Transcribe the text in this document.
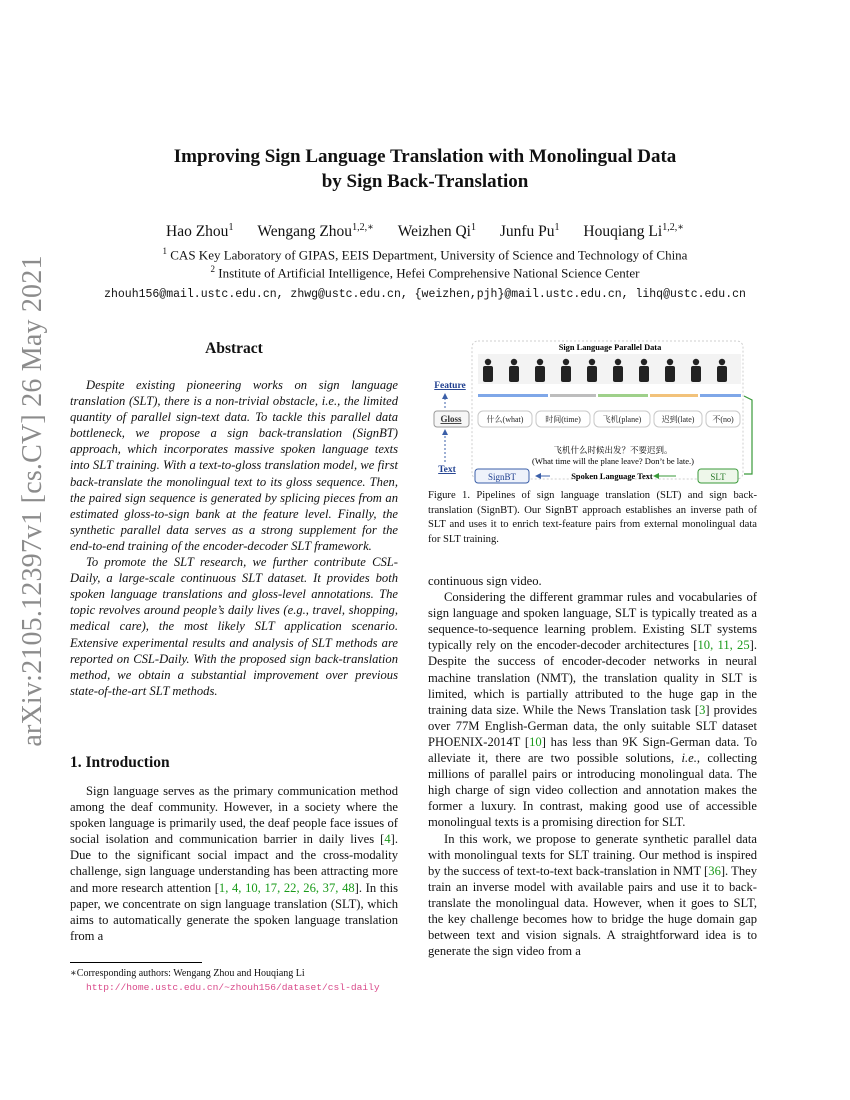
arXiv:2105.12397v1 [cs.CV] 26 May 2021
Improving Sign Language Translation with Monolingual Data
by Sign Back-Translation
Hao Zhou$^1$ Wengang Zhou$^{1,2,∗}$ Weizhen Qi$^1$ Junfu Pu$^1$ Houqiang $Li^{1,2,∗}$
$^1$ CAS Key Laboratory of GIPAS, EEIS Department, University of Science and Technology of China
$^2$ Institute of Artificial Intelligence, Hefei Comprehensive National Science Center
zhouh156@mail.ustc.edu.cn, zhwg@ustc.edu.cn, {weizhen,pjh}@mail.ustc.edu.cn, lihq@ustc.edu.cn
Abstract

Despite existing pioneering works on sign language translation (SLT), there is a non-trivial obstacle, i.e., the limited quantity of parallel sign-text data. To tackle this parallel data bottleneck, we propose a sign back-translation (SignBT) approach, which incorporates massive spoken language texts into SLT training. With a text-to-gloss translation model, we first back-translate the monolingual text to its gloss sequence. Then, the paired sign sequence is generated by splicing pieces from an estimated gloss-to-sign bank at the feature level. Finally, the synthetic parallel data serves as a strong supplement for the end-to-end training of the encoder-decoder SLT framework.

To promote the SLT research, we further contribute CSL-Daily, a large-scale continuous SLT dataset. It provides both spoken language translations and gloss-level annotations. The topic revolves around people’s daily lives (e.g., travel, shopping, medical care), the most likely SLT application scenario. Extensive experimental results and analysis of SLT methods are reported on CSL-Daily. With the proposed sign back-translation method, we obtain a substantial improvement over previous state-of-the-art SLT methods.

1. Introduction

Sign language serves as the primary communication method among the deaf community. However, in a society where the spoken language is primarily used, the deaf people face issues of social isolation and communication barrier in daily lives [4]. Due to the significant social impact and the cross-modality challenge, sign language understanding has been attracting more and more research attention [1, 4, 10, 17, 22, 26, 37, 48]. In this paper, we concentrate on sign language translation (SLT), which aims to automatically generate the spoken language translation from a

∗Corresponding authors: Wengang Zhou and Houqiang Li
http://home.ustc.edu.cn/~zhouh156/dataset/csl-daily
Sign Language Parallel Data
Feature
Gloss
Text
什么(what)	时间(time)	飞机(plane)	迟到(late) 不(no)
飞机什么时候出发？不要迟到。
(What time will the plane leave? Don’t be late.)
SignBT	Spoken Language Text	SLT
Figure 1. Pipelines of sign language translation (SLT) and sign back-translation (SignBT). Our SignBT approach establishes an inverse path of SLT and uses it to enrich text-feature pairs from external monolingual data for SLT training.
continuous sign video.

Considering the different grammar rules and vocabularies of sign language and spoken language, SLT is typically treated as a sequence-to-sequence learning problem. Existing SLT systems typically rely on the encoder-decoder architectures [10, 11, 25]. Despite the success of encoder-decoder networks in neural machine translation (NMT), the translation quality in SLT is limited, which is partially attributed to the huge gap in the training data size. While the News Translation task [3] provides over 77M English-German data, the only suitable SLT dataset PHOENIX-2014T [10] has less than 9K Sign-German data. To alleviate it, there are two possible solutions, i.e., collecting millions of parallel pairs or introducing monolingual data. The high charge of sign video collection and annotation makes the former a luxury. In contrast, making good use of accessible monolingual texts is a promising direction for SLT.

In this work, we propose to generate synthetic parallel data with monolingual texts for SLT training. Our method is inspired by the success of text-to-text back-translation in NMT [36]. They train an inverse model with available pairs and use it to back-translate the monolingual data. However, when it goes to SLT, the key challenge becomes how to bridge the huge domain gap between text and vision signals. A straightforward idea is to generate the sign video from a
